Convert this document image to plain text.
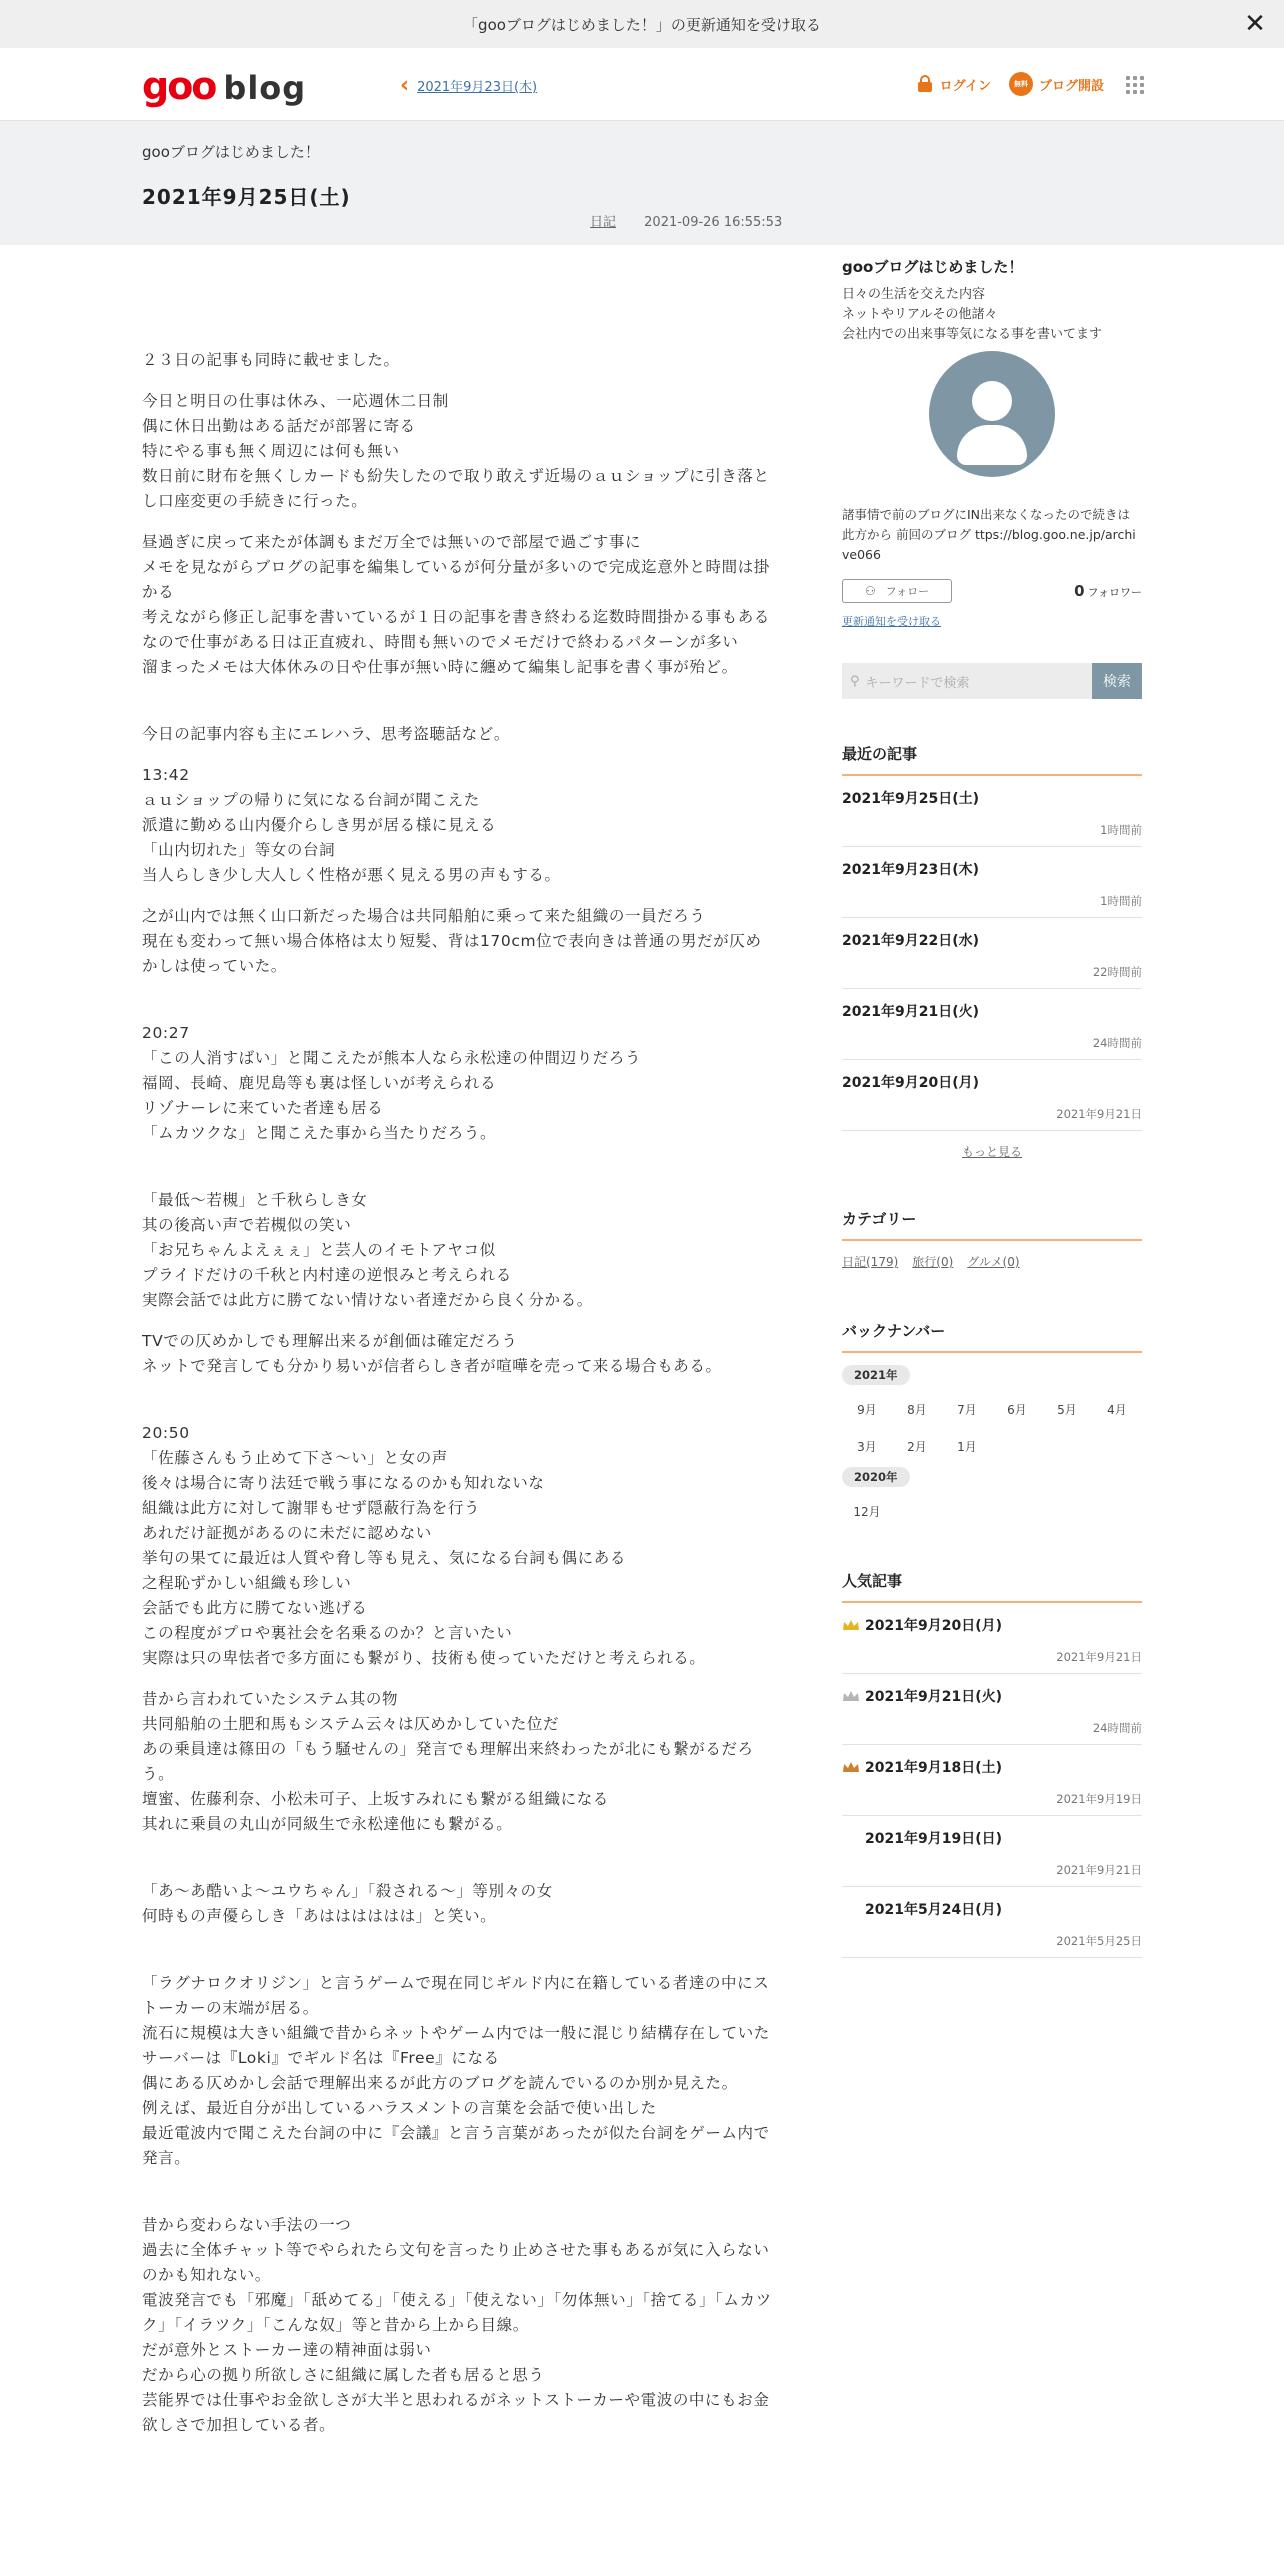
「gooブログはじめました！」の更新通知を受け取る	✕
goo blog	‹ 2021年9月23日(木)	ログイン	無料 ブログ開設
gooブログはじめました！
2021年9月25日(土)
日記 2021-09-26 16:55:53

２３日の記事も同時に載せました。

今日と明日の仕事は休み、一応週休二日制
偶に休日出勤はある話だが部署に寄る
特にやる事も無く周辺には何も無い
数日前に財布を無くしカードも紛失したので取り敢えず近場のａｕショップに引き落とし口座変更の手続きに行った。

昼過ぎに戻って来たが体調もまだ万全では無いので部屋で過ごす事に
メモを見ながらブログの記事を編集しているが何分量が多いので完成迄意外と時間は掛かる
考えながら修正し記事を書いているが１日の記事を書き終わる迄数時間掛かる事もある
なので仕事がある日は正直疲れ、時間も無いのでメモだけで終わるパターンが多い
溜まったメモは大体休みの日や仕事が無い時に纏めて編集し記事を書く事が殆ど。

今日の記事内容も主にエレハラ、思考盗聴話など。

13:42
ａｕショップの帰りに気になる台詞が聞こえた
派遣に勤める山内優介らしき男が居る様に見える
「山内切れた」等女の台詞
当人らしき少し大人しく性格が悪く見える男の声もする。

之が山内では無く山口新だった場合は共同船舶に乗って来た組織の一員だろう
現在も変わって無い場合体格は太り短髪、背は170cm位で表向きは普通の男だが仄めかしは使っていた。

20:27
「この人消すばい」と聞こえたが熊本人なら永松達の仲間辺りだろう
福岡、長崎、鹿児島等も裏は怪しいが考えられる
リゾナーレに来ていた者達も居る
「ムカツクな」と聞こえた事から当たりだろう。

「最低～若槻」と千秋らしき女
其の後高い声で若槻似の笑い
「お兄ちゃんよえぇぇ」と芸人のイモトアヤコ似
プライドだけの千秋と内村達の逆恨みと考えられる
実際会話では此方に勝てない情けない者達だから良く分かる。

TVでの仄めかしでも理解出来るが創価は確定だろう
ネットで発言しても分かり易いが信者らしき者が喧嘩を売って来る場合もある。

20:50
「佐藤さんもう止めて下さ～い」と女の声
後々は場合に寄り法廷で戦う事になるのかも知れないな
組織は此方に対して謝罪もせず隠蔽行為を行う
あれだけ証拠があるのに未だに認めない
挙句の果てに最近は人質や脅し等も見え、気になる台詞も偶にある
之程恥ずかしい組織も珍しい
会話でも此方に勝てない逃げる
この程度がプロや裏社会を名乗るのか？と言いたい
実際は只の卑怯者で多方面にも繋がり、技術も使っていただけと考えられる。

昔から言われていたシステム其の物
共同船舶の土肥和馬もシステム云々は仄めかしていた位だ
あの乗員達は篠田の「もう騒せんの」発言でも理解出来終わったが北にも繋がるだろう。
壇蜜、佐藤利奈、小松未可子、上坂すみれにも繋がる組織になる
其れに乗員の丸山が同級生で永松達他にも繋がる。

「あ～あ酷いよ～ユウちゃん」「殺される～」等別々の女
何時もの声優らしき「あはははははは」と笑い。

「ラグナロクオリジン」と言うゲームで現在同じギルド内に在籍している者達の中にストーカーの末端が居る。
流石に規模は大きい組織で昔からネットやゲーム内では一般に混じり結構存在していた
サーバーは『Loki』でギルド名は『Free』になる
偶にある仄めかし会話で理解出来るが此方のブログを読んでいるのか別か見えた。
例えば、最近自分が出しているハラスメントの言葉を会話で使い出した
最近電波内で聞こえた台詞の中に『会議』と言う言葉があったが似た台詞をゲーム内で発言。

昔から変わらない手法の一つ
過去に全体チャット等でやられたら文句を言ったり止めさせた事もあるが気に入らないのかも知れない。
電波発言でも「邪魔」「舐めてる」「使える」「使えない」「勿体無い」「捨てる」「ムカツク」「イラツク」「こんな奴」等と昔から上から目線。
だが意外とストーカー達の精神面は弱い
だから心の拠り所欲しさに組織に属した者も居ると思う
芸能界では仕事やお金欲しさが大半と思われるがネットストーカーや電波の中にもお金欲しさで加担している者。

gooブログはじめました！
日々の生活を交えた内容
ネットやリアルその他諸々
会社内での出来事等気になる事を書いてます
諸事情で前のブログにIN出来なくなったので続きは此方から 前回のブログ ttps://blog.goo.ne.jp/archive066
⚇ フォロー	0 フォロワー
更新通知を受け取る
⚲ キーワードで検索	検索
最近の記事
2021年9月25日(土)
1時間前
2021年9月23日(木)
1時間前
2021年9月22日(水)
22時間前
2021年9月21日(火)
24時間前
2021年9月20日(月)
2021年9月21日
もっと見る
カテゴリー
日記(179) 旅行(0) グルメ(0)
バックナンバー
2021年
9月	8月	7月	6月	5月	4月
3月	2月	1月
2020年
12月
人気記事
2021年9月20日(月)
2021年9月21日
2021年9月21日(火)
24時間前
2021年9月18日(土)
2021年9月19日
2021年9月19日(日)
2021年9月21日
2021年5月24日(月)
2021年5月25日
